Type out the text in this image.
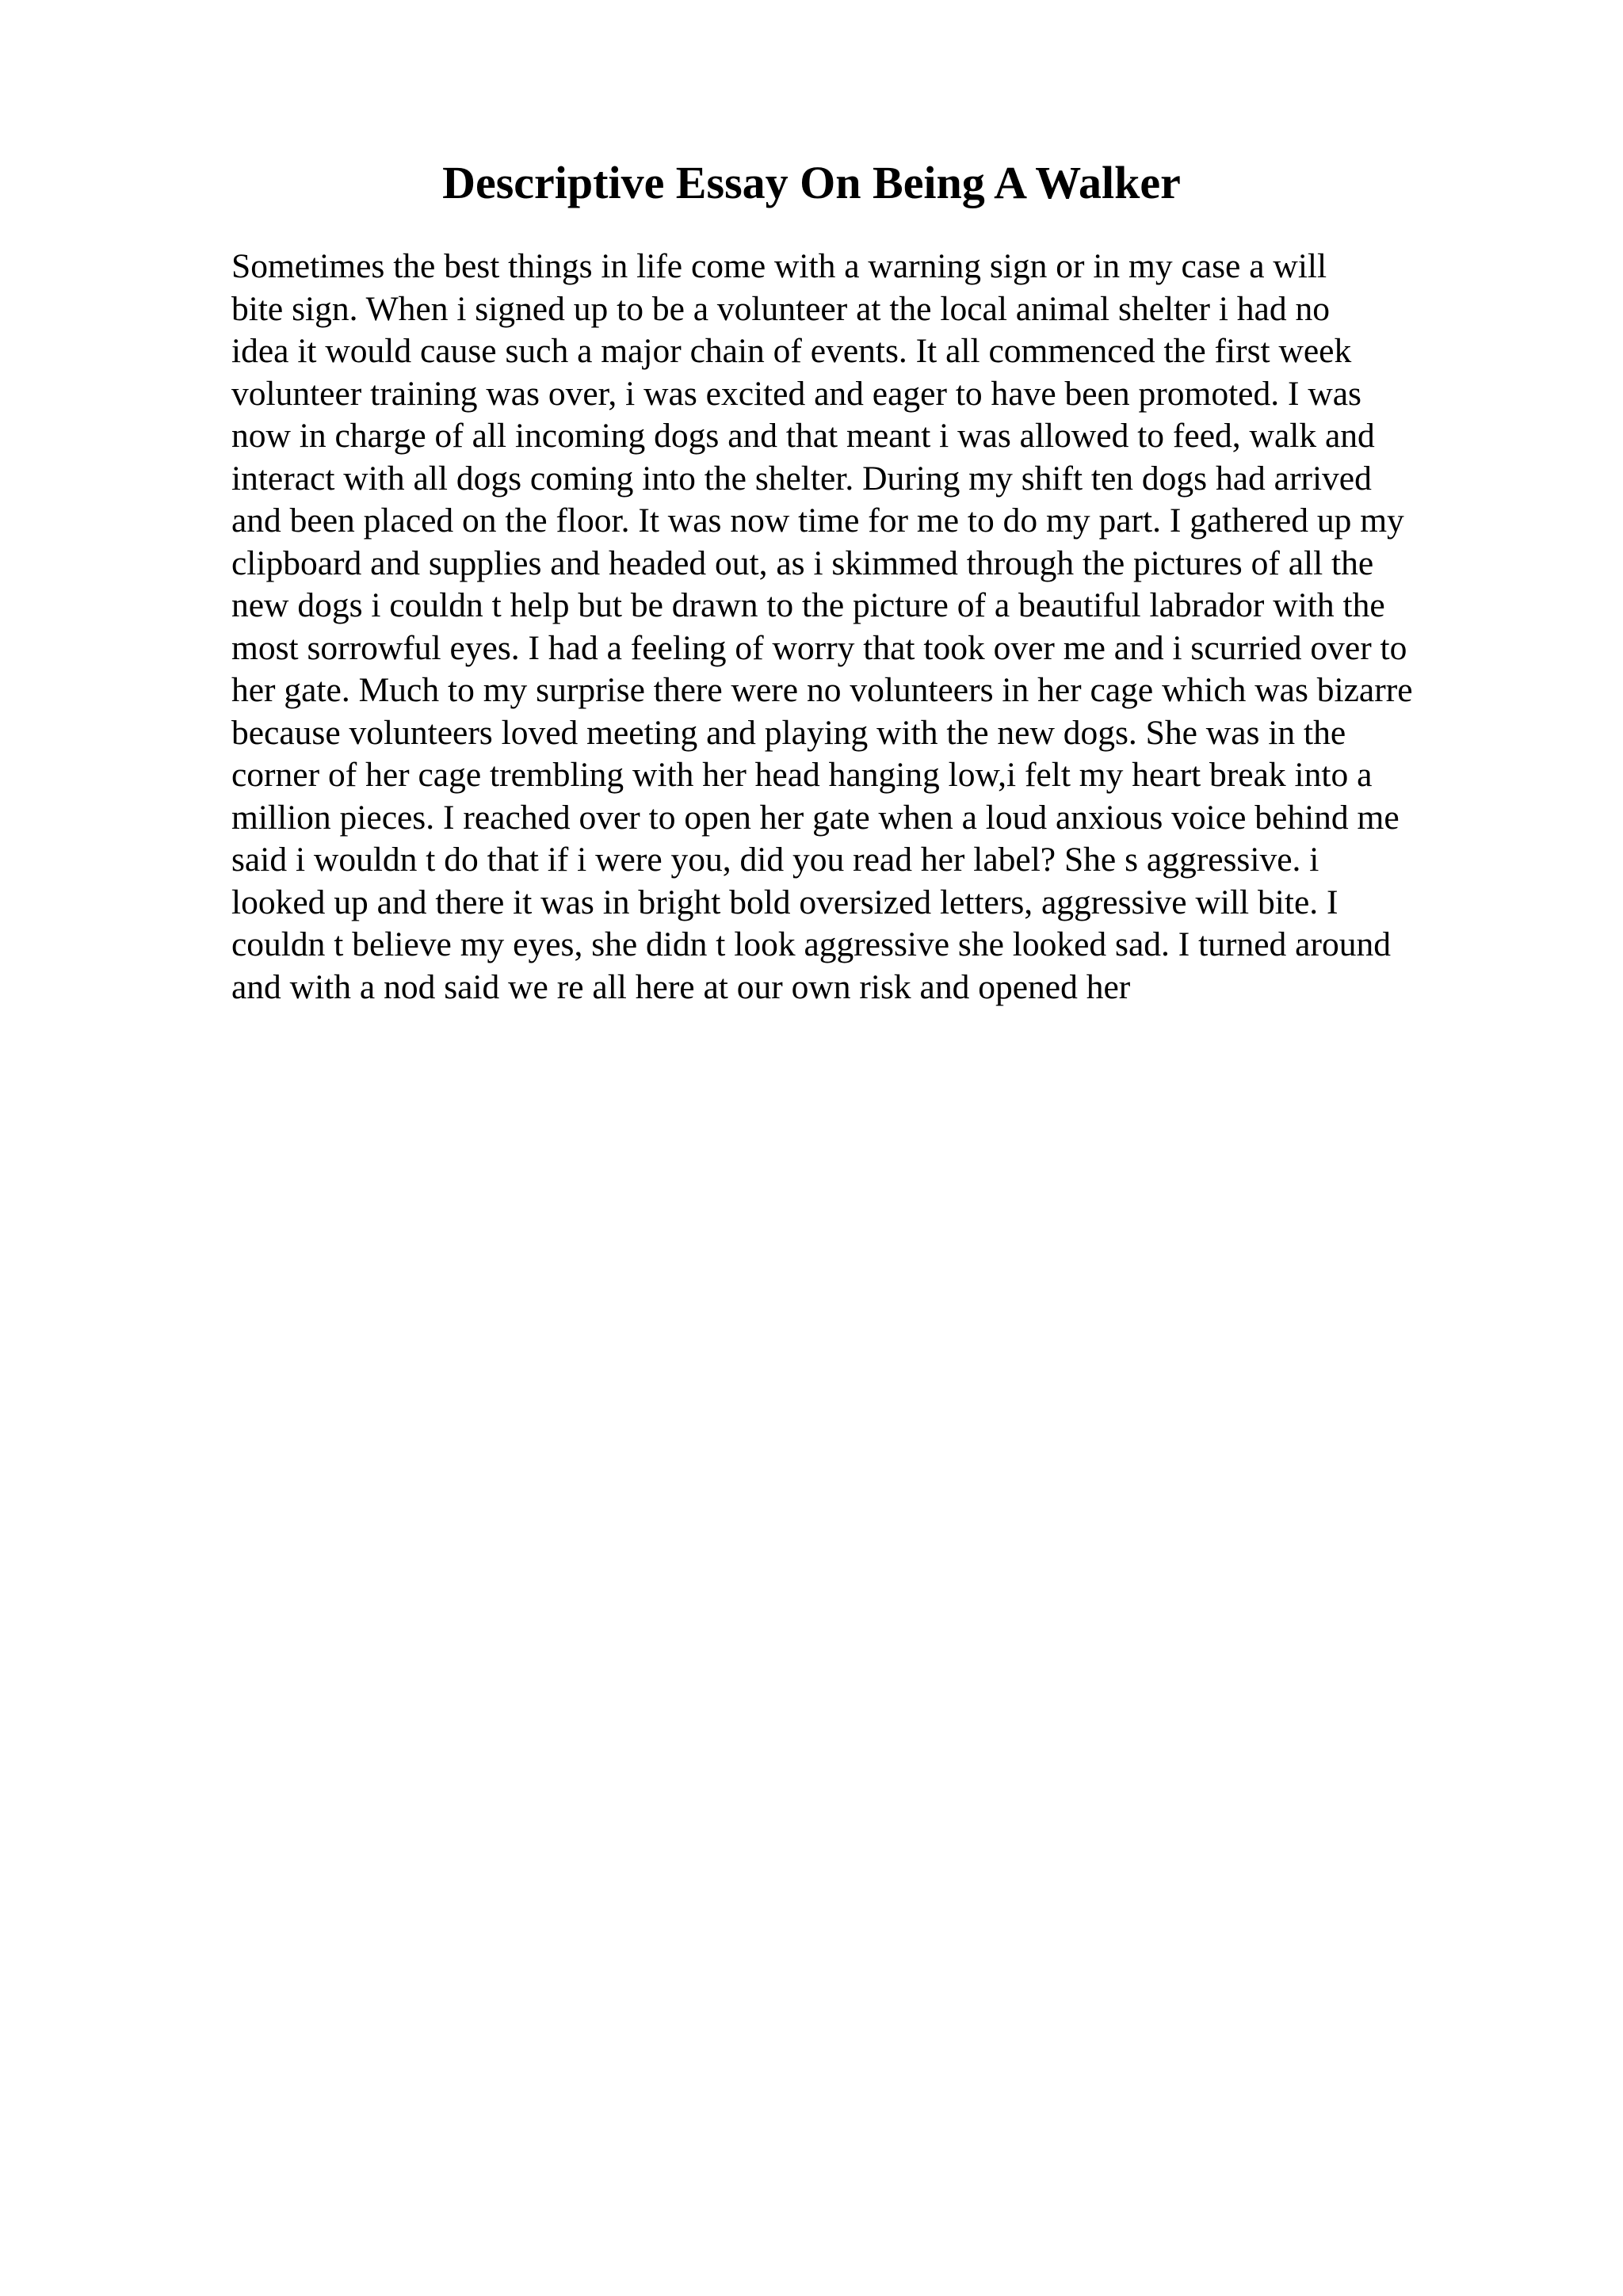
Descriptive Essay On Being A Walker
Sometimes the best things in life come with a warning sign or in my case a will
bite sign. When i signed up to be a volunteer at the local animal shelter i had no
idea it would cause such a major chain of events. It all commenced the first week
volunteer training was over, i was excited and eager to have been promoted. I was
now in charge of all incoming dogs and that meant i was allowed to feed, walk and
interact with all dogs coming into the shelter. During my shift ten dogs had arrived
and been placed on the floor. It was now time for me to do my part. I gathered up my
clipboard and supplies and headed out, as i skimmed through the pictures of all the
new dogs i couldn t help but be drawn to the picture of a beautiful labrador with the
most sorrowful eyes. I had a feeling of worry that took over me and i scurried over to
her gate. Much to my surprise there were no volunteers in her cage which was bizarre
because volunteers loved meeting and playing with the new dogs. She was in the
corner of her cage trembling with her head hanging low,i felt my heart break into a
million pieces. I reached over to open her gate when a loud anxious voice behind me
said i wouldn t do that if i were you, did you read her label? She s aggressive. i
looked up and there it was in bright bold oversized letters, aggressive will bite. I
couldn t believe my eyes, she didn t look aggressive she looked sad. I turned around
and with a nod said we re all here at our own risk and opened her
